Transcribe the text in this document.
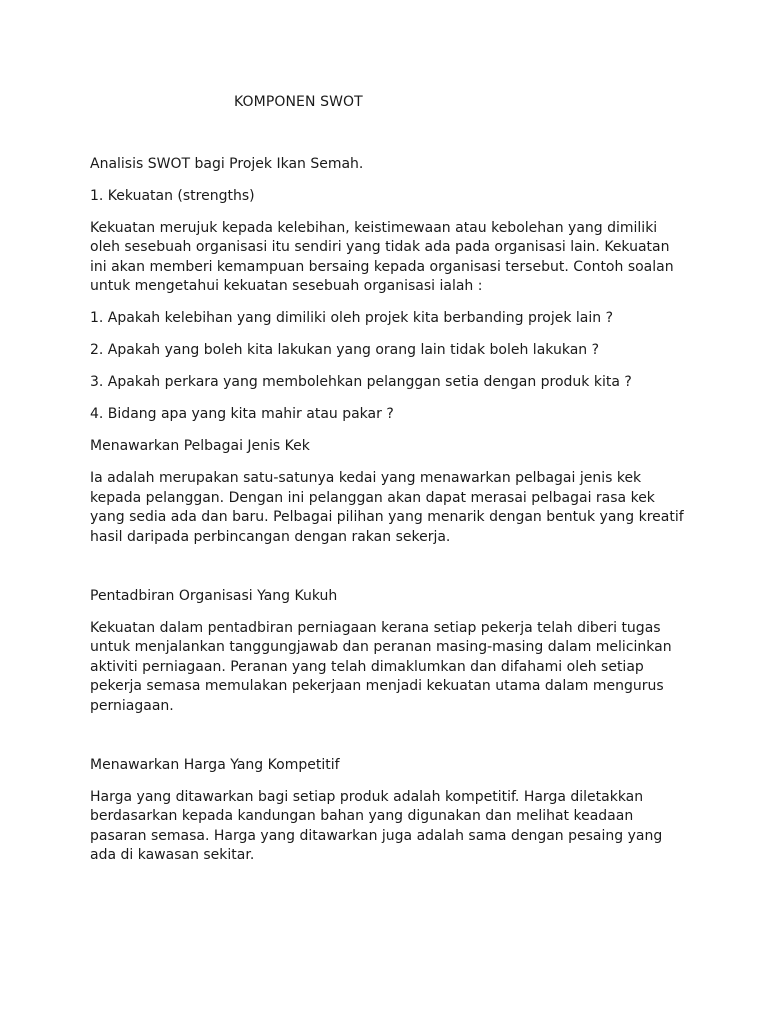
KOMPONEN SWOT

Analisis SWOT bagi Projek Ikan Semah.

1. Kekuatan (strengths)

Kekuatan merujuk kepada kelebihan, keistimewaan atau kebolehan yang dimiliki oleh sesebuah organisasi itu sendiri yang tidak ada pada organisasi lain. Kekuatan ini akan memberi kemampuan bersaing kepada organisasi tersebut. Contoh soalan untuk mengetahui kekuatan sesebuah organisasi ialah :

1. Apakah kelebihan yang dimiliki oleh projek kita berbanding projek lain ?

2. Apakah yang boleh kita lakukan yang orang lain tidak boleh lakukan ?

3. Apakah perkara yang membolehkan pelanggan setia dengan produk kita ?

4. Bidang apa yang kita mahir atau pakar ?

Menawarkan Pelbagai Jenis Kek

Ia adalah merupakan satu-satunya kedai yang menawarkan pelbagai jenis kek kepada pelanggan. Dengan ini pelanggan akan dapat merasai pelbagai rasa kek yang sedia ada dan baru. Pelbagai pilihan yang menarik dengan bentuk yang kreatif hasil daripada perbincangan dengan rakan sekerja.

Pentadbiran Organisasi Yang Kukuh

Kekuatan dalam pentadbiran perniagaan kerana setiap pekerja telah diberi tugas untuk menjalankan tanggungjawab dan peranan masing-masing dalam melicinkan aktiviti perniagaan. Peranan yang telah dimaklumkan dan difahami oleh setiap pekerja semasa memulakan pekerjaan menjadi kekuatan utama dalam mengurus perniagaan.

Menawarkan Harga Yang Kompetitif

Harga yang ditawarkan bagi setiap produk adalah kompetitif. Harga diletakkan berdasarkan kepada kandungan bahan yang digunakan dan melihat keadaan pasaran semasa. Harga yang ditawarkan juga adalah sama dengan pesaing yang ada di kawasan sekitar.
